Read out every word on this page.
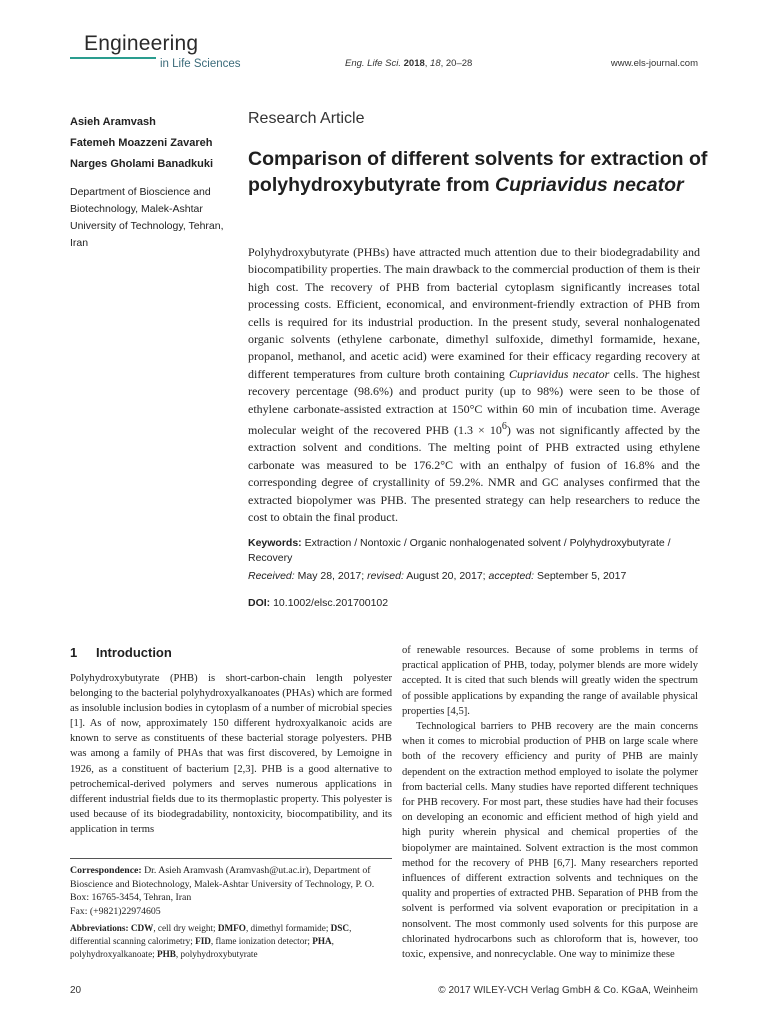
Engineering
in Life Sciences	Eng. Life Sci. 2018, 18, 20–28	www.els-journal.com
Asieh Aramvash
Fatemeh Moazzeni Zavareh
Narges Gholami Banadkuki
Department of Bioscience and Biotechnology, Malek-Ashtar University of Technology, Tehran, Iran
Research Article
Comparison of different solvents for extraction of polyhydroxybutyrate from Cupriavidus necator

Polyhydroxybutyrate (PHBs) have attracted much attention due to their biodegradability and biocompatibility properties. The main drawback to the commercial production of them is their high cost. The recovery of PHB from bacterial cytoplasm significantly increases total processing costs. Efficient, economical, and environment-friendly extraction of PHB from cells is required for its industrial production. In the present study, several nonhalogenated organic solvents (ethylene carbonate, dimethyl sulfoxide, dimethyl formamide, hexane, propanol, methanol, and acetic acid) were examined for their efficacy regarding recovery at different temperatures from culture broth containing Cupriavidus necator cells. The highest recovery percentage (98.6%) and product purity (up to 98%) were seen to be those of ethylene carbonate-assisted extraction at 150°C within 60 min of incubation time. Average molecular weight of the recovered PHB $(1.3 \times 10^6)$ was not significantly affected by the extraction solvent and conditions. The melting point of PHB extracted using ethylene carbonate was measured to be 176.2°C with an enthalpy of fusion of 16.8% and the corresponding degree of crystallinity of 59.2%. NMR and GC analyses confirmed that the extracted biopolymer was PHB. The presented strategy can help researchers to reduce the cost to obtain the final product.

Keywords: Extraction / Nontoxic / Organic nonhalogenated solvent / Polyhydroxybutyrate / Recovery
Received: May 28, 2017; revised: August 20, 2017; accepted: September 5, 2017
DOI: 10.1002/elsc.201700102
1 Introduction

Polyhydroxybutyrate (PHB) is short-carbon-chain length polyester belonging to the bacterial polyhydroxyalkanoates (PHAs) which are formed as insoluble inclusion bodies in cytoplasm of a number of microbial species [1]. As of now, approximately 150 different hydroxyalkanoic acids are known to serve as constituents of these bacterial storage polyesters. PHB was among a family of PHAs that was first discovered, by Lemoigne in 1926, as a constituent of bacterium [2,3]. PHB is a good alternative to petrochemical-derived polymers and serves numerous applications in different industrial fields due to its thermoplastic property. This polyester is used because of its biodegradability, nontoxicity, biocompatibility, and its application in terms

Correspondence: Dr. Asieh Aramvash (Aramvash@ut.ac.ir), Department of Bioscience and Biotechnology, Malek-Ashtar University of Technology, P. O. Box: 16765-3454, Tehran, Iran
Fax: (+9821)22974605

Abbreviations: CDW, cell dry weight; DMFO, dimethyl formamide; DSC, differential scanning calorimetry; FID, flame ionization detector; PHA, polyhydroxyalkanoate; PHB, polyhydroxybutyrate

of renewable resources. Because of some problems in terms of practical application of PHB, today, polymer blends are more widely accepted. It is cited that such blends will greatly widen the spectrum of possible applications by expanding the range of available physical properties [4,5].

Technological barriers to PHB recovery are the main concerns when it comes to microbial production of PHB on large scale where both of the recovery efficiency and purity of PHB are mainly dependent on the extraction method employed to isolate the polymer from bacterial cells. Many studies have reported different techniques for PHB recovery. For most part, these studies have had their focuses on developing an economic and efficient method of high yield and high purity wherein physical and chemical properties of the biopolymer are maintained. Solvent extraction is the most common method for the recovery of PHB [6,7]. Many researchers reported influences of different extraction solvents and techniques on the quality and properties of extracted PHB. Separation of PHB from the solvent is performed via solvent evaporation or precipitation in a nonsolvent. The most commonly used solvents for this purpose are chlorinated hydrocarbons such as chloroform that is, however, too toxic, expensive, and nonrecyclable. One way to minimize these

20	© 2017 WILEY-VCH Verlag GmbH & Co. KGaA, Weinheim
